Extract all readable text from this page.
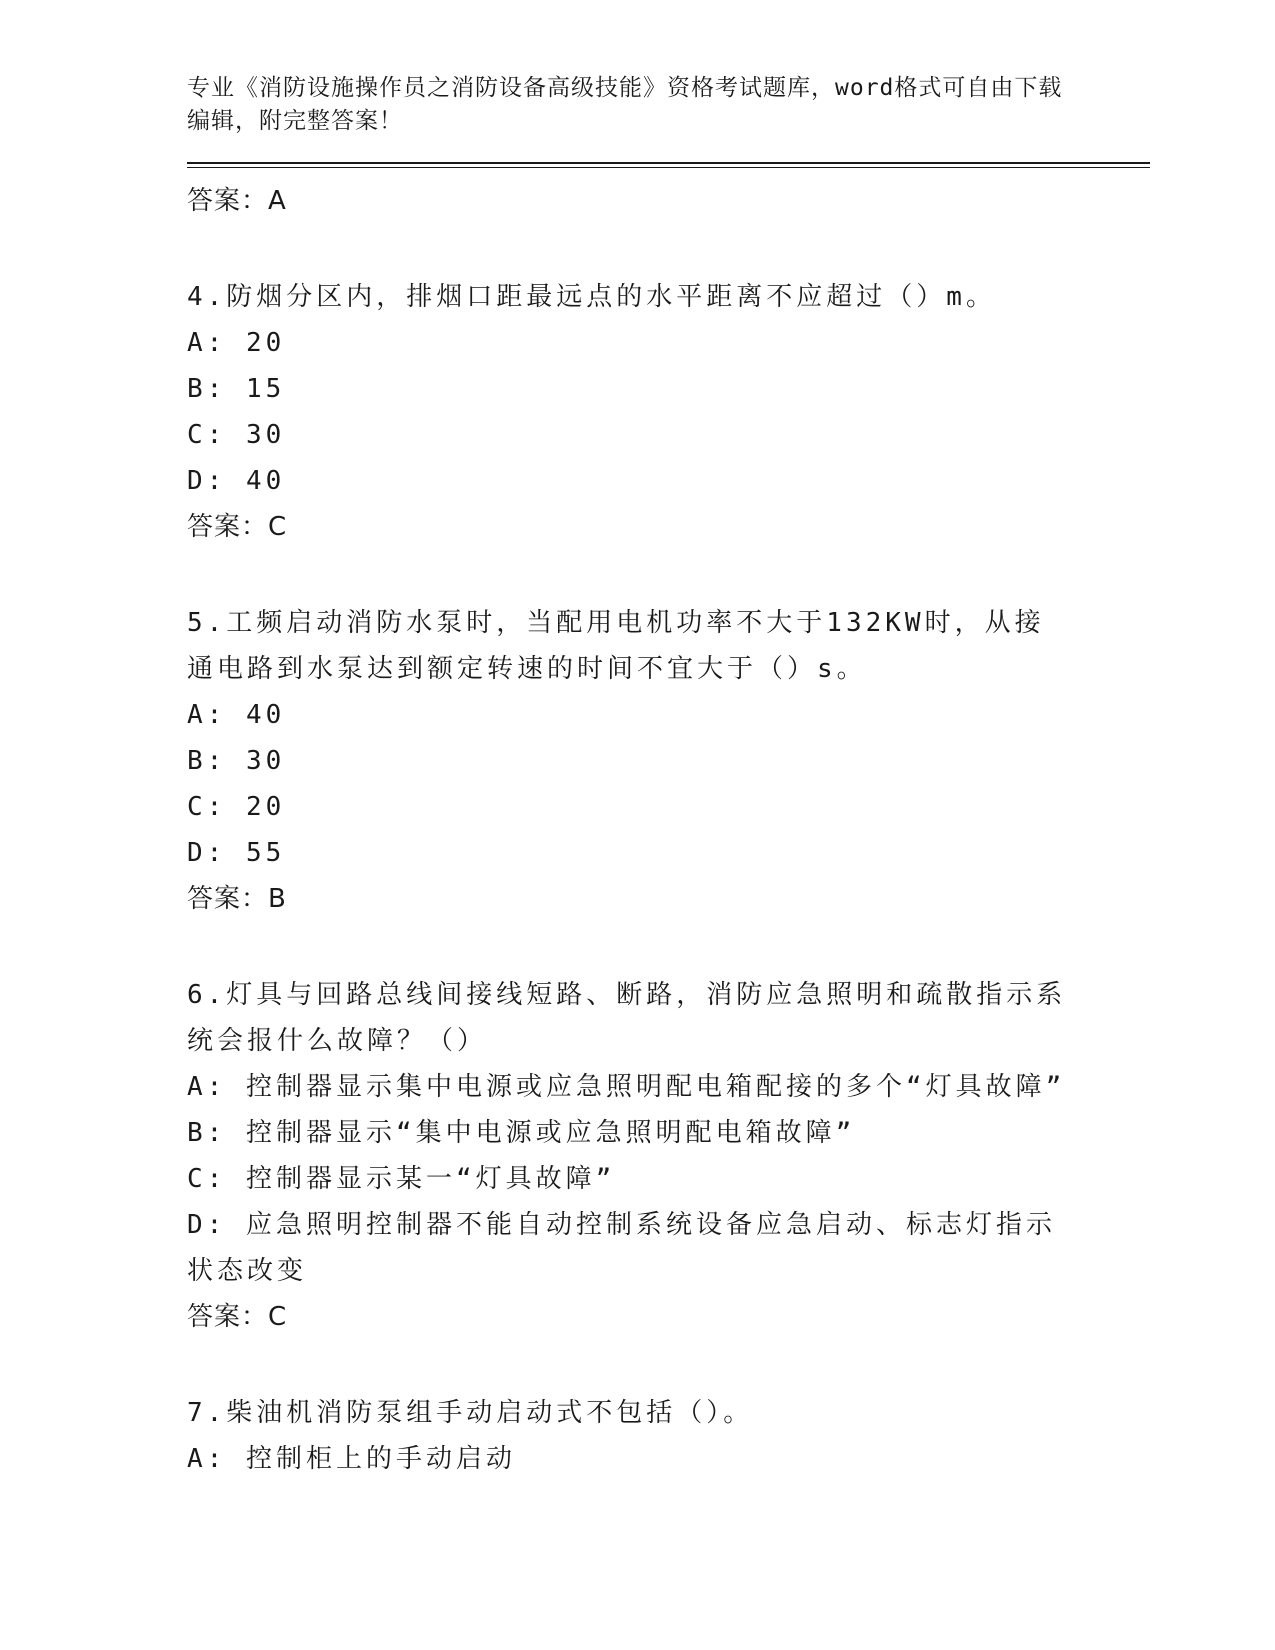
专业《消防设施操作员之消防设备高级技能》资格考试题库，word格式可自由下载编辑，附完整答案！
答案：A
4.防烟分区内，排烟口距最远点的水平距离不应超过（）m。
A: 20
B: 15
C: 30
D: 40
答案：C
5.工频启动消防水泵时，当配用电机功率不大于132KW时，从接通电路到水泵达到额定转速的时间不宜大于（）s。
A: 40
B: 30
C: 20
D: 55
答案：B
6.灯具与回路总线间接线短路、断路，消防应急照明和疏散指示系统会报什么故障？（）
A: 控制器显示集中电源或应急照明配电箱配接的多个“灯具故障”
B: 控制器显示“集中电源或应急照明配电箱故障”
C: 控制器显示某一“灯具故障”
D: 应急照明控制器不能自动控制系统设备应急启动、标志灯指示状态改变
答案：C
7.柴油机消防泵组手动启动式不包括（）。
A: 控制柜上的手动启动
